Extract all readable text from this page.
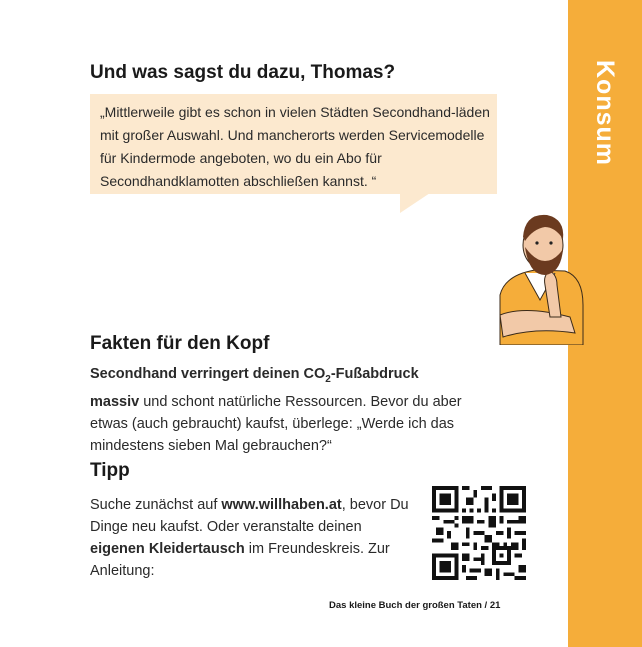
Konsum
Und was sagst du dazu, Thomas?
„Mittlerweile gibt es schon in vielen Städten Secondhand-läden mit großer Auswahl. Und mancherorts werden Servicemodelle für Kindermode angeboten, wo du ein Abo für Secondhandklamotten abschließen kannst. “
Fakten für den Kopf
Secondhand verringert deinen $CO_2$-Fußabdruck massiv und schont natürliche Ressourcen. Bevor du aber etwas (auch gebraucht) kaufst, überlege: „Werde ich das mindestens sieben Mal gebrauchen?“
Tipp
Suche zunächst auf www.willhaben.at, bevor Du Dinge neu kaufst. Oder veranstalte deinen eigenen Kleidertausch im Freundeskreis. Zur Anleitung:
Das kleine Buch der großen Taten / 21
